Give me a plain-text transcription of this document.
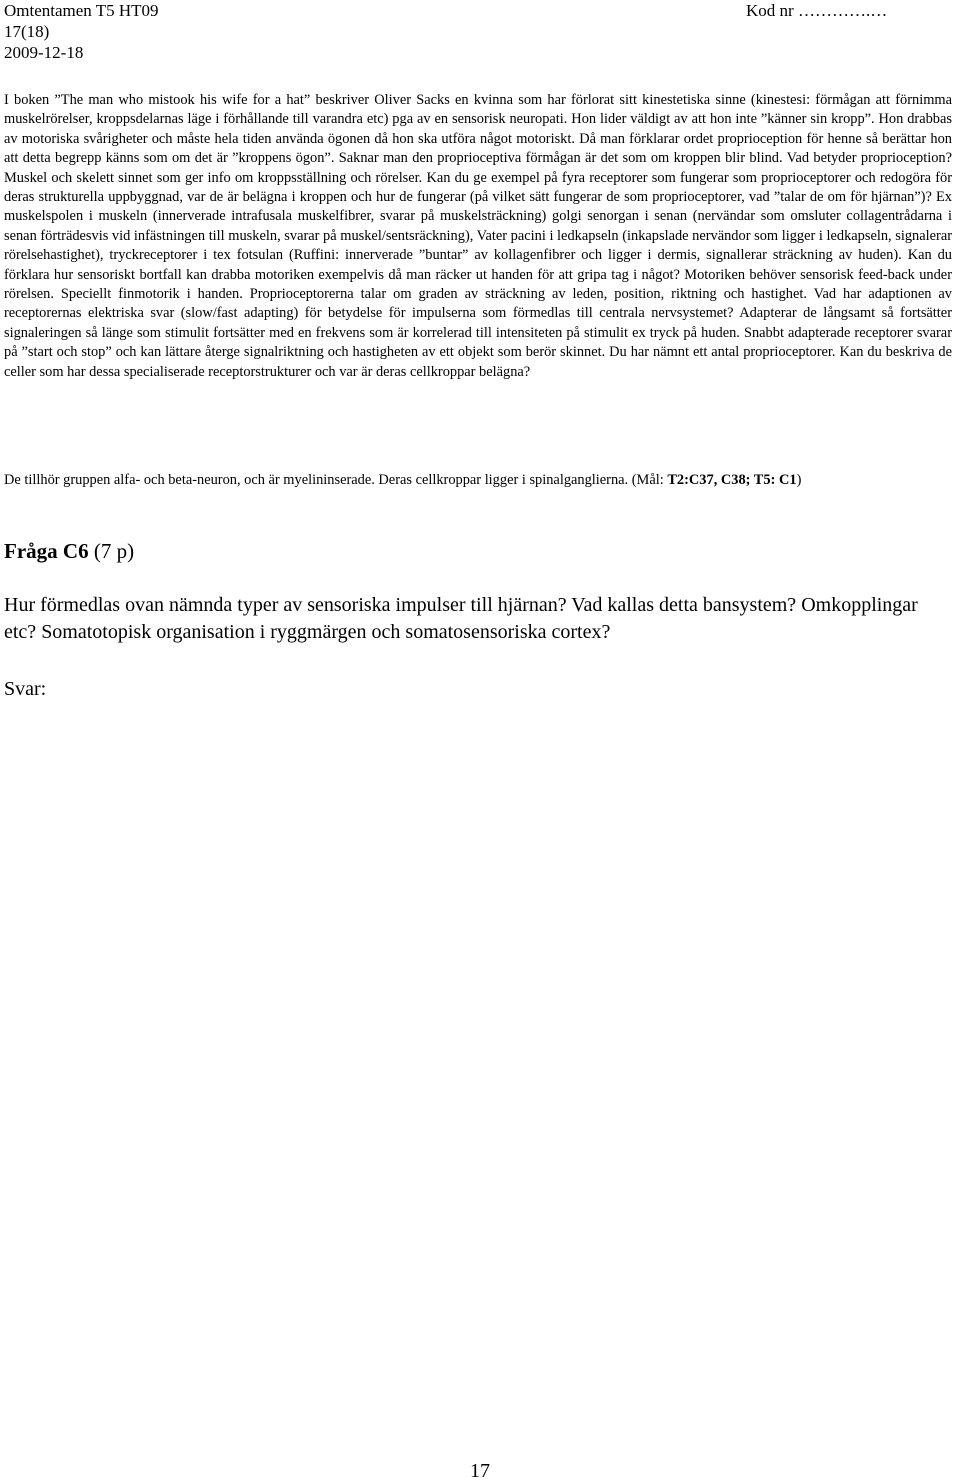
Omtentamen T5 HT09
17(18)
2009-12-18
Kod nr ………….…
I boken ”The man who mistook his wife for a hat” beskriver Oliver Sacks en kvinna som har förlorat sitt kinestetiska sinne (kinestesi: förmågan att förnimma muskelrörelser, kroppsdelarnas läge i förhållande till varandra etc) pga av en sensorisk neuropati. Hon lider väldigt av att hon inte ”känner sin kropp”. Hon drabbas av motoriska svårigheter och måste hela tiden använda ögonen då hon ska utföra något motoriskt. Då man förklarar ordet proprioception för henne så berättar hon att detta begrepp känns som om det är ”kroppens ögon”. Saknar man den proprioceptiva förmågan är det som om kroppen blir blind. Vad betyder proprioception? Muskel och skelett sinnet som ger info om kroppsställning och rörelser. Kan du ge exempel på fyra receptorer som fungerar som proprioceptorer och redogöra för deras strukturella uppbyggnad, var de är belägna i kroppen och hur de fungerar (på vilket sätt fungerar de som proprioceptorer, vad ”talar de om för hjärnan”)? Ex muskelspolen i muskeln (innerverade intrafusala muskelfibrer, svarar på muskelsträckning) golgi senorgan i senan (nervändar som omsluter collagentrådarna i senan förträdesvis vid infästningen till muskeln, svarar på muskel/sentsräckning), Vater pacini i ledkapseln (inkapslade nervändor som ligger i ledkapseln, signalerar rörelsehastighet), tryckreceptorer i tex fotsulan (Ruffini: innerverade ”buntar” av kollagenfibrer och ligger i dermis, signallerar sträckning av huden). Kan du förklara hur sensoriskt bortfall kan drabba motoriken exempelvis då man räcker ut handen för att gripa tag i något? Motoriken behöver sensorisk feed-back under rörelsen. Speciellt finmotorik i handen. Proprioceptorerna talar om graden av sträckning av leden, position, riktning och hastighet. Vad har adaptionen av receptorernas elektriska svar (slow/fast adapting) för betydelse för impulserna som förmedlas till centrala nervsystemet? Adapterar de långsamt så fortsätter signaleringen så länge som stimulit fortsätter med en frekvens som är korrelerad till intensiteten på stimulit ex tryck på huden. Snabbt adapterade receptorer svarar på ”start och stop” och kan lättare återge signalriktning och hastigheten av ett objekt som berör skinnet. Du har nämnt ett antal proprioceptorer. Kan du beskriva de celler som har dessa specialiserade receptorstrukturer och var är deras cellkroppar belägna?
De tillhör gruppen alfa- och beta-neuron, och är myelininserade. Deras cellkroppar ligger i spinalganglierna. (Mål: T2:C37, C38; T5: C1)
Fråga C6 (7 p)
Hur förmedlas ovan nämnda typer av sensoriska impulser till hjärnan? Vad kallas detta bansystem? Omkopplingar etc? Somatotopisk organisation i ryggmärgen och somatosensoriska cortex?
Svar:
17
